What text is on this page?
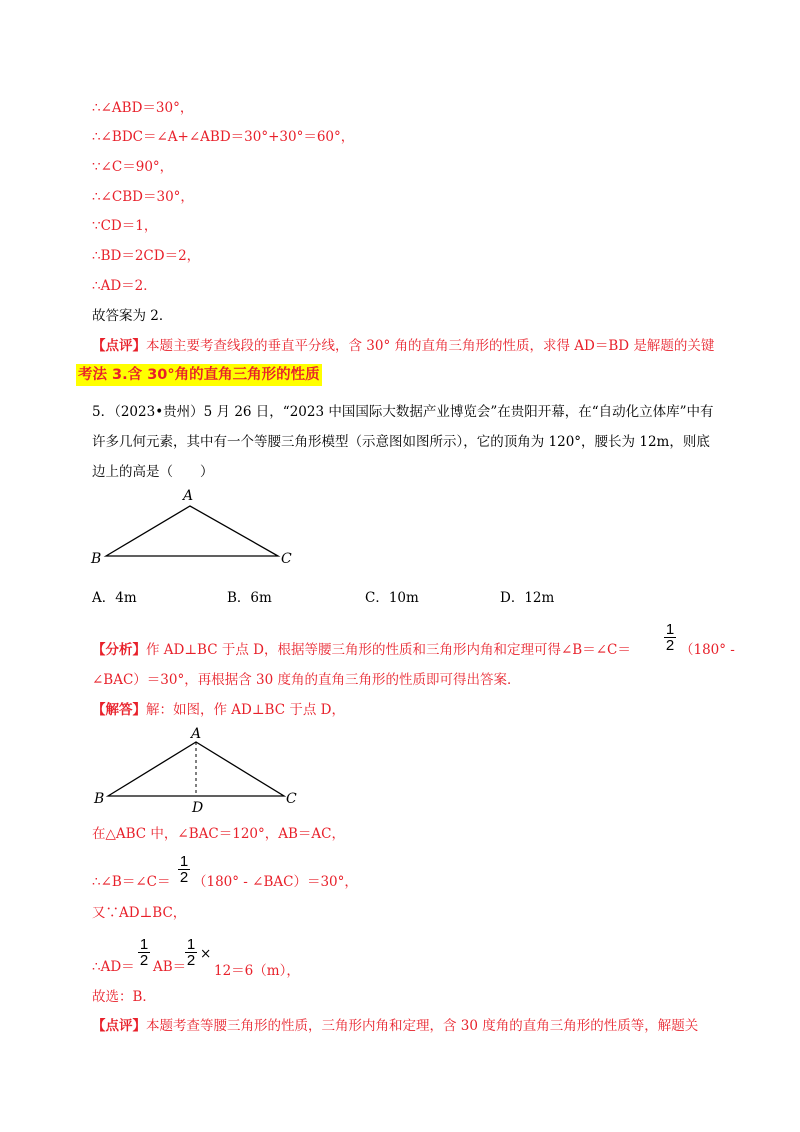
∴∠ABD＝30°，
∴∠BDC＝∠A+∠ABD＝30°+30°＝60°，
∵∠C＝90°，
∴∠CBD＝30°，
∵CD＝1，
∴BD＝2CD＝2，
∴AD＝2．
故答案为 2．
【点评】本题主要考查线段的垂直平分线，含 30° 角的直角三角形的性质，求得 AD＝BD 是解题的关键
考法 3.含 30°角的直角三角形的性质
5．（2023•贵州）5 月 26 日，“2023 中国国际大数据产业博览会”在贵阳开幕，在“自动化立体库”中有
许多几何元素，其中有一个等腰三角形模型（示意图如图所示），它的顶角为 120°，腰长为 12m，则底
边上的高是（　　）
A
B	C
A．4m	B．6m	C．10m	D．12m
【分析】作 AD⊥BC 于点 D，根据等腰三角形的性质和三角形内角和定理可得∠B＝∠C＝ $\frac{1}{2} (180^\circ$ -
∠BAC）＝30°，再根据含 30 度角的直角三角形的性质即可得出答案．
【解答】解：如图，作 AD⊥BC 于点 D，
A
B	C
D
在△ABC 中，∠BAC＝120°，AB＝AC，
∴∠B＝∠C＝ $\frac{1}{2} (180^\circ$ - ∠BAC）＝30°，
又∵AD⊥BC，
∴AD＝ $\frac{1}{2} AB=$
$\frac{1}{2}$ ×
12＝6（m），
故选：B．
【点评】本题考查等腰三角形的性质，三角形内角和定理，含 30 度角的直角三角形的性质等，解题关
